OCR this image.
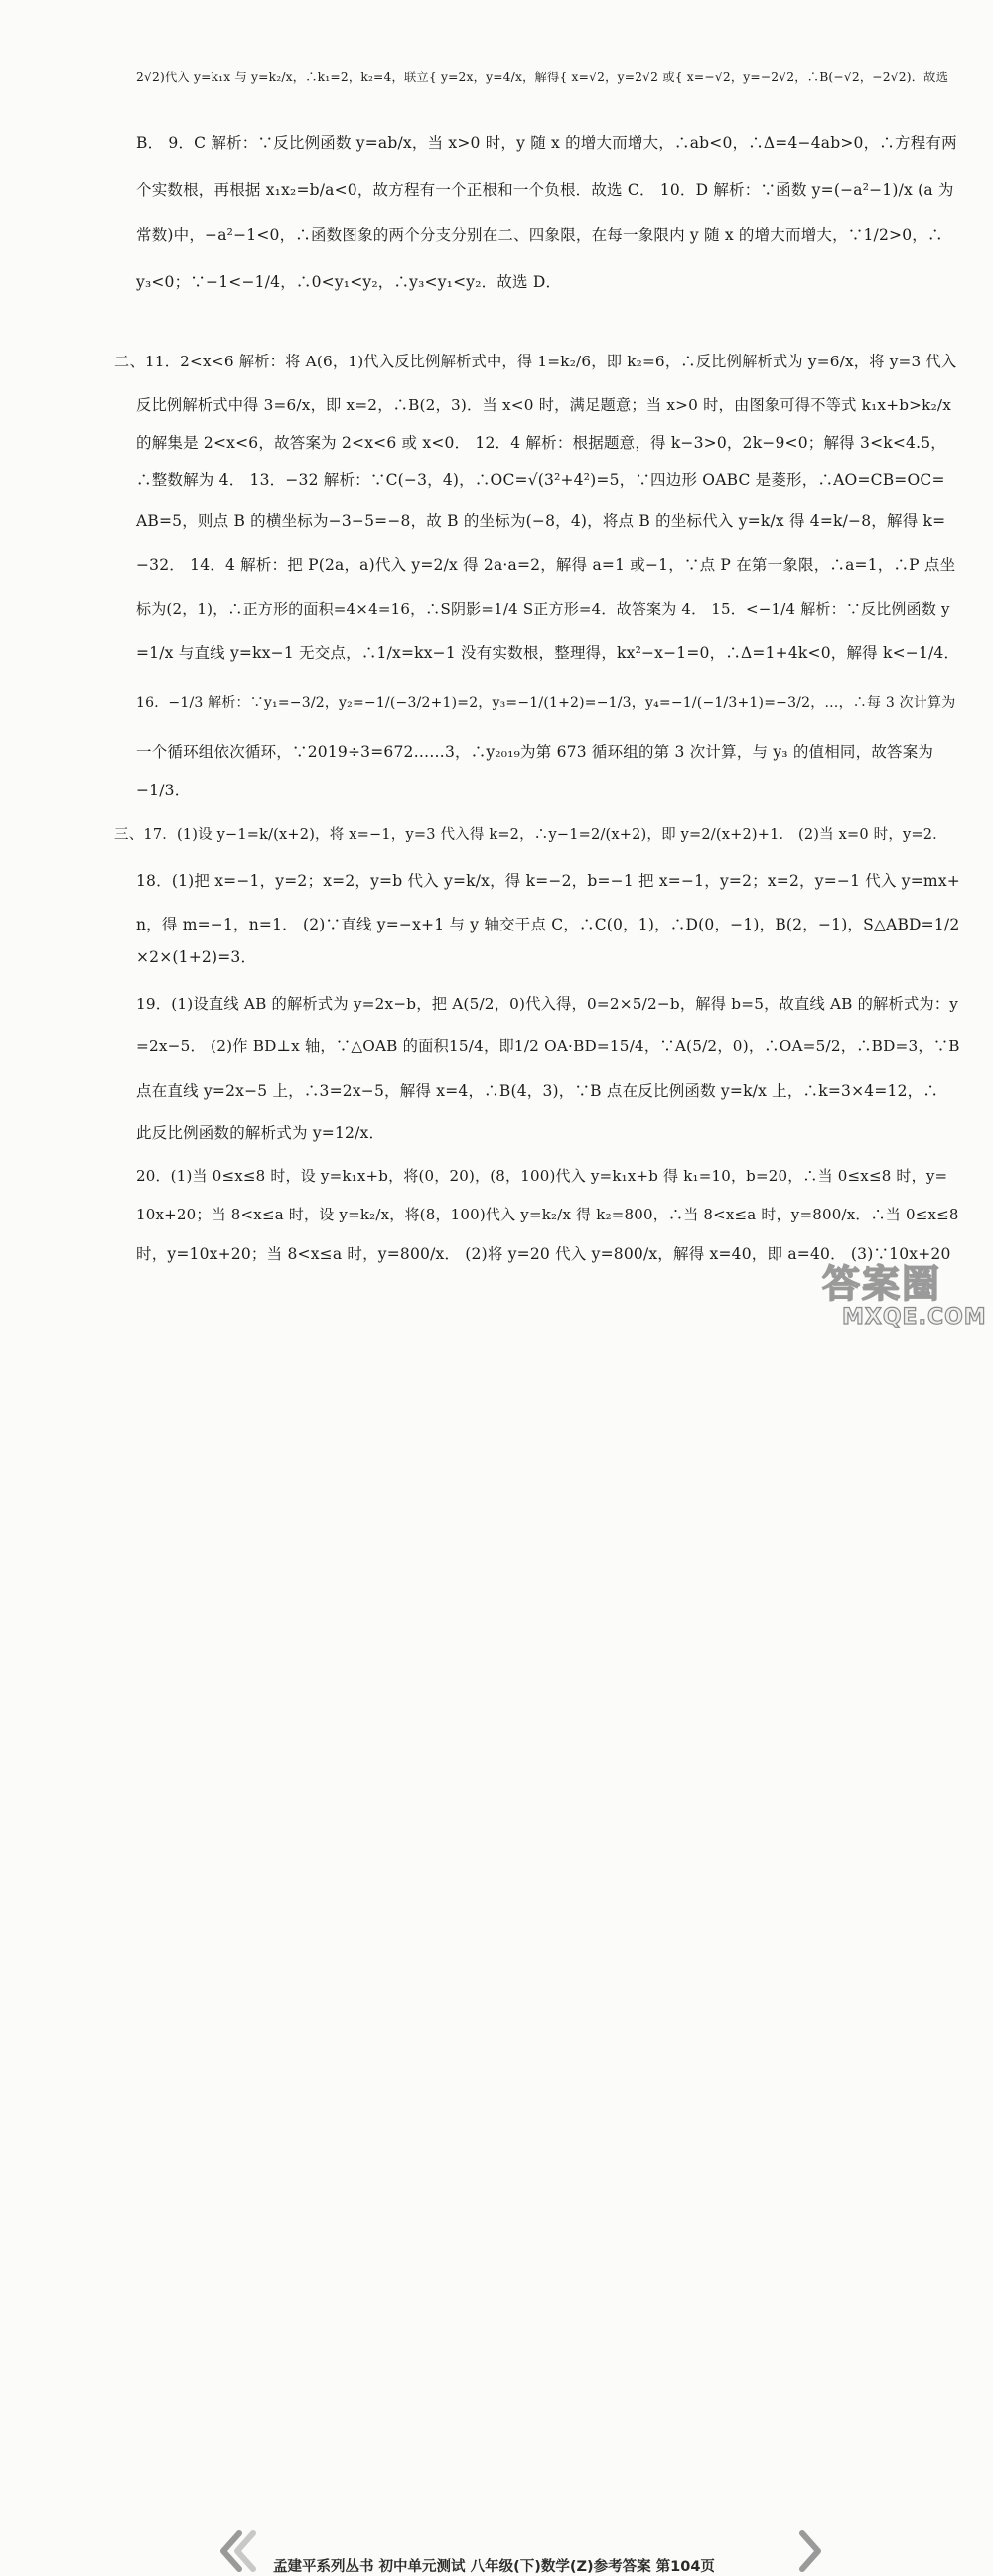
2√2)代入 y=k₁x 与 y=k₂/x，∴k₁=2，k₂=4，联立{ y=2x，y=4/x，解得{ x=√2，y=2√2 或{ x=−√2，y=−2√2，∴B(−√2，−2√2)．故选
B． 9．C 解析：∵反比例函数 y=ab/x，当 x>0 时，y 随 x 的增大而增大，∴ab<0，∴Δ=4−4ab>0，∴方程有两
个实数根，再根据 x₁x₂=b/a<0，故方程有一个正根和一个负根．故选 C． 10．D 解析：∵函数 y=(−a²−1)/x (a 为
常数)中，−a²−1<0，∴函数图象的两个分支分别在二、四象限，在每一象限内 y 随 x 的增大而增大，∵1/2>0，∴
y₃<0；∵−1<−1/4，∴0<y₁<y₂，∴y₃<y₁<y₂．故选 D．
二、11．2<x<6 解析：将 A(6，1)代入反比例解析式中，得 1=k₂/6，即 k₂=6，∴反比例解析式为 y=6/x，将 y=3 代入
反比例解析式中得 3=6/x，即 x=2，∴B(2，3)．当 x<0 时，满足题意；当 x>0 时，由图象可得不等式 k₁x+b>k₂/x
的解集是 2<x<6，故答案为 2<x<6 或 x<0． 12．4 解析：根据题意，得 k−3>0，2k−9<0；解得 3<k<4.5，
∴整数解为 4． 13．−32 解析：∵C(−3，4)，∴OC=√(3²+4²)=5，∵四边形 OABC 是菱形，∴AO=CB=OC=
AB=5，则点 B 的横坐标为−3−5=−8，故 B 的坐标为(−8，4)，将点 B 的坐标代入 y=k/x 得 4=k/−8，解得 k=
−32． 14．4 解析：把 P(2a，a)代入 y=2/x 得 2a·a=2，解得 a=1 或−1，∵点 P 在第一象限，∴a=1，∴P 点坐
标为(2，1)，∴正方形的面积=4×4=16，∴S阴影=1/4 S正方形=4．故答案为 4． 15．<−1/4 解析：∵反比例函数 y
=1/x 与直线 y=kx−1 无交点，∴1/x=kx−1 没有实数根，整理得，kx²−x−1=0，∴Δ=1+4k<0，解得 k<−1/4．
16．−1/3 解析：∵y₁=−3/2，y₂=−1/(−3/2+1)=2，y₃=−1/(1+2)=−1/3，y₄=−1/(−1/3+1)=−3/2，…，∴每 3 次计算为
一个循环组依次循环，∵2019÷3=672……3，∴y₂₀₁₉为第 673 循环组的第 3 次计算，与 y₃ 的值相同，故答案为
−1/3．
三、17．(1)设 y−1=k/(x+2)，将 x=−1，y=3 代入得 k=2，∴y−1=2/(x+2)，即 y=2/(x+2)+1． (2)当 x=0 时，y=2．
18．(1)把 x=−1，y=2；x=2，y=b 代入 y=k/x，得 k=−2，b=−1 把 x=−1，y=2；x=2，y=−1 代入 y=mx+
n，得 m=−1，n=1． (2)∵直线 y=−x+1 与 y 轴交于点 C，∴C(0，1)，∴D(0，−1)，B(2，−1)，S△ABD=1/2
×2×(1+2)=3．
19．(1)设直线 AB 的解析式为 y=2x−b，把 A(5/2，0)代入得，0=2×5/2−b，解得 b=5，故直线 AB 的解析式为：y
=2x−5． (2)作 BD⊥x 轴，∵△OAB 的面积15/4，即1/2 OA·BD=15/4，∵A(5/2，0)，∴OA=5/2，∴BD=3，∵B
点在直线 y=2x−5 上，∴3=2x−5，解得 x=4，∴B(4，3)，∵B 点在反比例函数 y=k/x 上，∴k=3×4=12，∴
此反比例函数的解析式为 y=12/x．
20．(1)当 0≤x≤8 时，设 y=k₁x+b，将(0，20)，(8，100)代入 y=k₁x+b 得 k₁=10，b=20，∴当 0≤x≤8 时，y=
10x+20；当 8<x≤a 时，设 y=k₂/x，将(8，100)代入 y=k₂/x 得 k₂=800，∴当 8<x≤a 时，y=800/x．∴当 0≤x≤8
时，y=10x+20；当 8<x≤a 时，y=800/x． (2)将 y=20 代入 y=800/x，解得 x=40，即 a=40． (3)∵10x+20
孟建平系列丛书 初中单元测试 八年级(下)数学(Z)参考答案 第104页
答案圈
MXQE.COM
